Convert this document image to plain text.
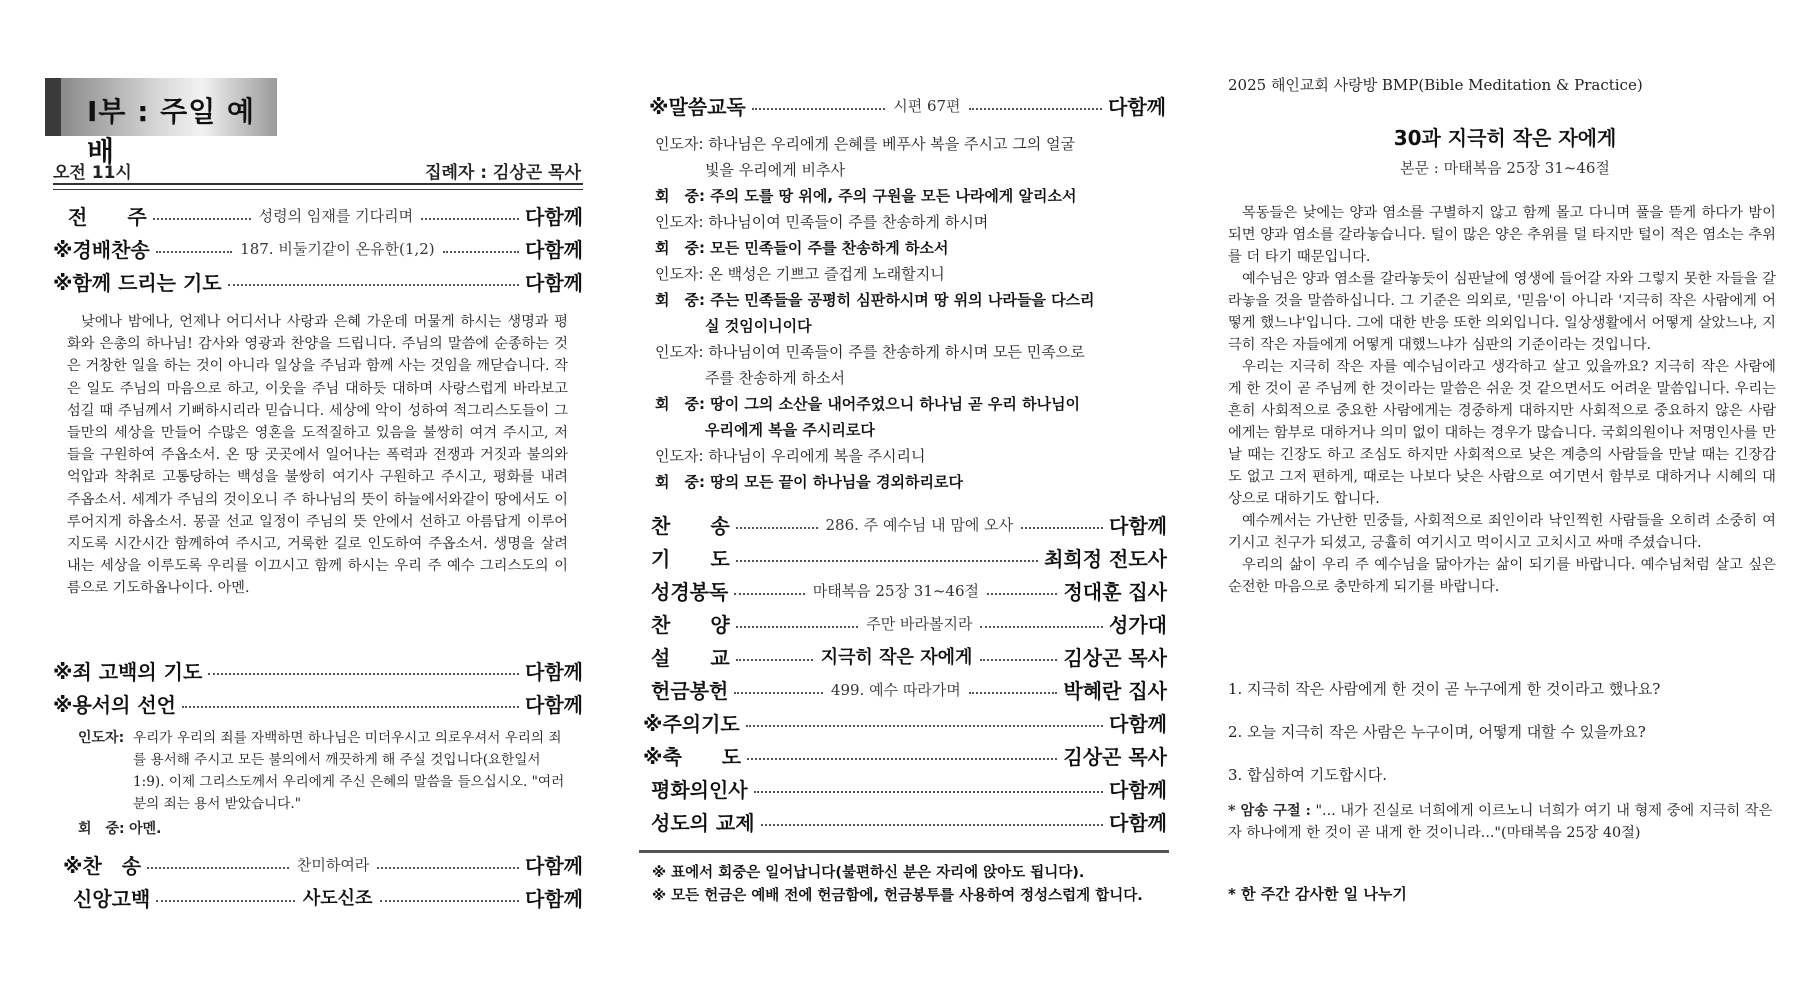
I부 : 주일 예배
오전 11시	집례자 : 김상곤 목사
전　　주	성령의 임재를 기다리며	다함께
※경배찬송	187. 비둘기같이 온유한(1,2)	다함께
※함께 드리는 기도	다함께
낮에나 밤에나, 언제나 어디서나 사랑과 은혜 가운데 머물게 하시는 생명과 평화와 은총의 하나님! 감사와 영광과 찬양을 드립니다. 주님의 말씀에 순종하는 것은 거창한 일을 하는 것이 아니라 일상을 주님과 함께 사는 것임을 깨닫습니다. 작은 일도 주님의 마음으로 하고, 이웃을 주님 대하듯 대하며 사랑스럽게 바라보고 섬길 때 주님께서 기뻐하시리라 믿습니다. 세상에 악이 성하여 적그리스도들이 그들만의 세상을 만들어 수많은 영혼을 도적질하고 있음을 불쌍히 여겨 주시고, 저들을 구원하여 주옵소서. 온 땅 곳곳에서 일어나는 폭력과 전쟁과 거짓과 불의와 억압과 착취로 고통당하는 백성을 불쌍히 여기사 구원하고 주시고, 평화를 내려 주옵소서. 세계가 주님의 것이오니 주 하나님의 뜻이 하늘에서와같이 땅에서도 이루어지게 하옵소서. 몽골 선교 일정이 주님의 뜻 안에서 선하고 아름답게 이루어지도록 시간시간 함께하여 주시고, 거룩한 길로 인도하여 주옵소서. 생명을 살려내는 세상을 이루도록 우리를 이끄시고 함께 하시는 우리 주 예수 그리스도의 이름으로 기도하옵나이다. 아멘.
※죄 고백의 기도	다함께
※용서의 선언	다함께
인도자: 우리가 우리의 죄를 자백하면 하나님은 미더우시고 의로우셔서 우리의 죄를 용서해 주시고 모든 불의에서 깨끗하게 해 주실 것입니다(요한일서 1:9). 이제 그리스도께서 우리에게 주신 은혜의 말씀을 들으십시오. "여러분의 죄는 용서 받았습니다."
회　중: 아멘.
※찬　송	찬미하여라	다함께
신앙고백	사도신조	다함께
※말씀교독	시편 67편	다함께
인도자: 하나님은 우리에게 은혜를 베푸사 복을 주시고 그의 얼굴
빛을 우리에게 비추사
회　중: 주의 도를 땅 위에, 주의 구원을 모든 나라에게 알리소서
인도자: 하나님이여 민족들이 주를 찬송하게 하시며
회　중: 모든 민족들이 주를 찬송하게 하소서
인도자: 온 백성은 기쁘고 즐겁게 노래할지니
회　중: 주는 민족들을 공평히 심판하시며 땅 위의 나라들을 다스리
실 것임이니이다
인도자: 하나님이여 민족들이 주를 찬송하게 하시며 모든 민족으로
주를 찬송하게 하소서
회　중: 땅이 그의 소산을 내어주었으니 하나님 곧 우리 하나님이
우리에게 복을 주시리로다
인도자: 하나님이 우리에게 복을 주시리니
회　중: 땅의 모든 끝이 하나님을 경외하리로다
찬　　송	286. 주 예수님 내 맘에 오사	다함께
기　　도	최희정 전도사
성경봉독	마태복음 25장 31~46절	정대훈 집사
찬　　양	주만 바라볼지라	성가대
설　　교	지극히 작은 자에게	김상곤 목사
헌금봉헌	499. 예수 따라가며	박혜란 집사
※주의기도	다함께
※축　　도	김상곤 목사
평화의인사	다함께
성도의 교제	다함께
※ 표에서 회중은 일어납니다(불편하신 분은 자리에 앉아도 됩니다).
※ 모든 헌금은 예배 전에 헌금함에, 헌금봉투를 사용하여 정성스럽게 합니다.
2025 해인교회 사랑방 BMP(Bible Meditation & Practice)
30과 지극히 작은 자에게
본문 : 마태복음 25장 31~46절

목동들은 낮에는 양과 염소를 구별하지 않고 함께 몰고 다니며 풀을 뜯게 하다가 밤이 되면 양과 염소를 갈라놓습니다. 털이 많은 양은 추위를 덜 타지만 털이 적은 염소는 추위를 더 타기 때문입니다.

예수님은 양과 염소를 갈라놓듯이 심판날에 영생에 들어갈 자와 그렇지 못한 자들을 갈라놓을 것을 말씀하십니다. 그 기준은 의외로, '믿음'이 아니라 '지극히 작은 사람에게 어떻게 했느냐'입니다. 그에 대한 반응 또한 의외입니다. 일상생활에서 어떻게 살았느냐, 지극히 작은 자들에게 어떻게 대했느냐가 심판의 기준이라는 것입니다.

우리는 지극히 작은 자를 예수님이라고 생각하고 살고 있을까요? 지극히 작은 사람에게 한 것이 곧 주님께 한 것이라는 말씀은 쉬운 것 같으면서도 어려운 말씀입니다. 우리는 흔히 사회적으로 중요한 사람에게는 경중하게 대하지만 사회적으로 중요하지 않은 사람에게는 함부로 대하거나 의미 없이 대하는 경우가 많습니다. 국회의원이나 저명인사를 만날 때는 긴장도 하고 조심도 하지만 사회적으로 낮은 계층의 사람들을 만날 때는 긴장감도 없고 그저 편하게, 때로는 나보다 낮은 사람으로 여기면서 함부로 대하거나 시혜의 대상으로 대하기도 합니다.

예수께서는 가난한 민중들, 사회적으로 죄인이라 낙인찍힌 사람들을 오히려 소중히 여기시고 친구가 되셨고, 긍휼히 여기시고 먹이시고 고치시고 싸매 주셨습니다.

우리의 삶이 우리 주 예수님을 닮아가는 삶이 되기를 바랍니다. 예수님처럼 살고 싶은 순전한 마음으로 충만하게 되기를 바랍니다.

1. 지극히 작은 사람에게 한 것이 곧 누구에게 한 것이라고 했나요?
2. 오늘 지극히 작은 사람은 누구이며, 어떻게 대할 수 있을까요?
3. 합심하여 기도합시다.
* 암송 구절 : "... 내가 진실로 너희에게 이르노니 너희가 여기 내 형제 중에 지극히 작은 자 하나에게 한 것이 곧 내게 한 것이니라..."(마태복음 25장 40절)
* 한 주간 감사한 일 나누기
